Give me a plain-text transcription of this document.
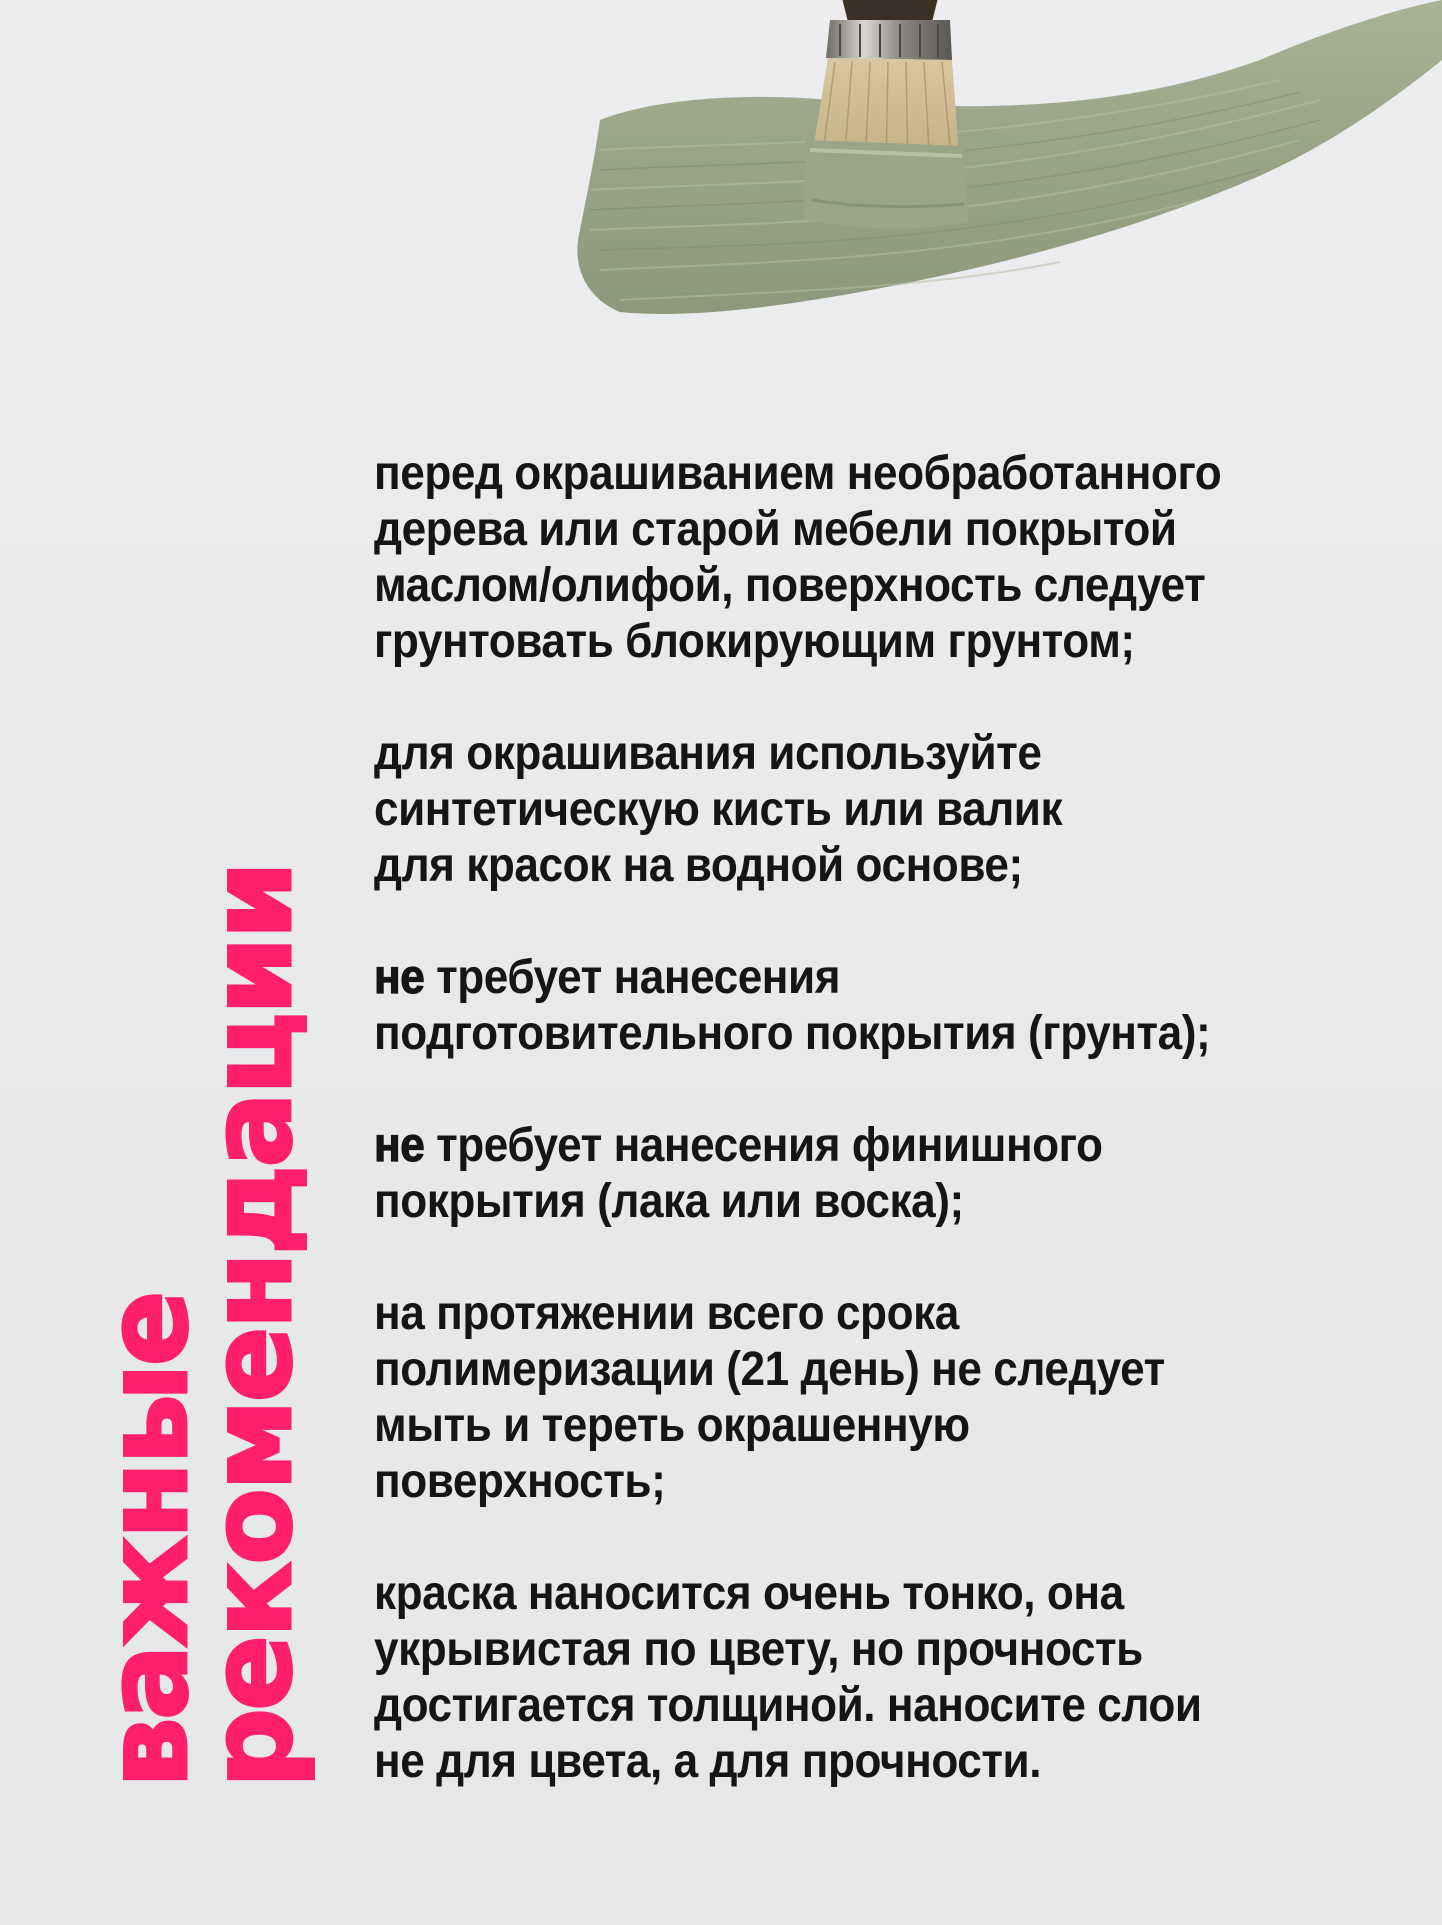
важные
рекомендации
перед окрашиванием необработанного
дерева или старой мебели покрытой
маслом/олифой, поверхность следует
грунтовать блокирующим грунтом;
для окрашивания используйте
синтетическую кисть или валик
для красок на водной основе;
не требует нанесения
подготовительного покрытия (грунта);
не требует нанесения финишного
покрытия (лака или воска);
на протяжении всего срока
полимеризации (21 день) не следует
мыть и тереть окрашенную
поверхность;
краска наносится очень тонко, она
укрывистая по цвету, но прочность
достигается толщиной. наносите слои
не для цвета, а для прочности.
